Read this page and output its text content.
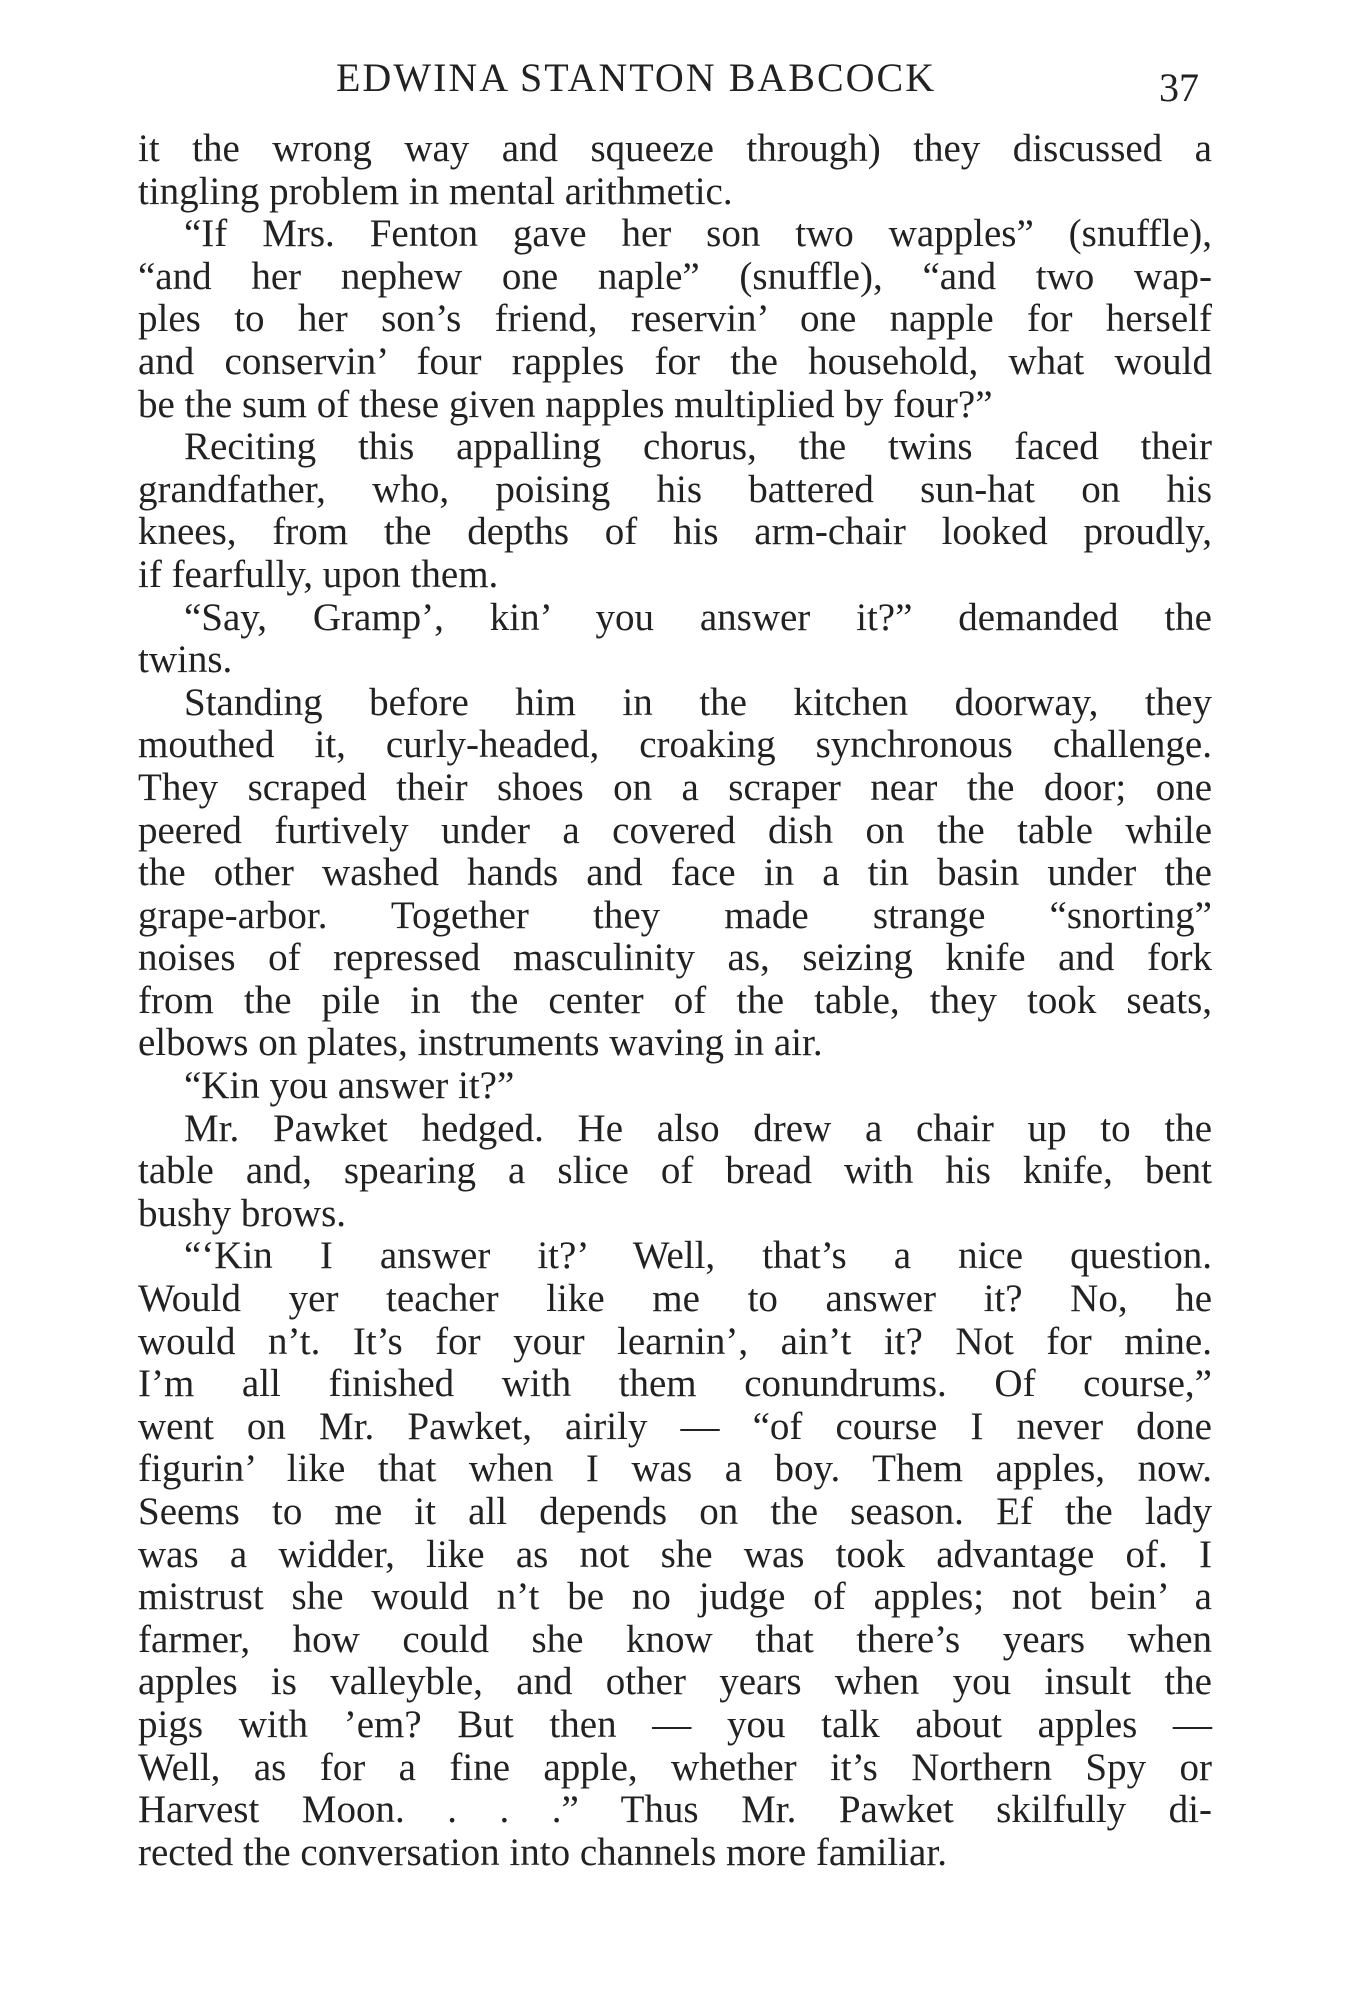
EDWINA STANTON BABCOCK	37
it the wrong way and squeeze through) they discussed a
tingling problem in mental arithmetic.
“If Mrs. Fenton gave her son two wapples” (snuffle),
“and her nephew one naple” (snuffle), “and two wap-
ples to her son’s friend, reservin’ one napple for herself
and conservin’ four rapples for the household, what would
be the sum of these given napples multiplied by four?”
Reciting this appalling chorus, the twins faced their
grandfather, who, poising his battered sun-hat on his
knees, from the depths of his arm-chair looked proudly,
if fearfully, upon them.
“Say, Gramp’, kin’ you answer it?” demanded the
twins.
Standing before him in the kitchen doorway, they
mouthed it, curly-headed, croaking synchronous challenge.
They scraped their shoes on a scraper near the door; one
peered furtively under a covered dish on the table while
the other washed hands and face in a tin basin under the
grape-arbor. Together they made strange “snorting”
noises of repressed masculinity as, seizing knife and fork
from the pile in the center of the table, they took seats,
elbows on plates, instruments waving in air.
“Kin you answer it?”
Mr. Pawket hedged. He also drew a chair up to the
table and, spearing a slice of bread with his knife, bent
bushy brows.
“‘Kin I answer it?’ Well, that’s a nice question.
Would yer teacher like me to answer it? No, he
would n’t. It’s for your learnin’, ain’t it? Not for mine.
I’m all finished with them conundrums. Of course,”
went on Mr. Pawket, airily — “of course I never done
figurin’ like that when I was a boy. Them apples, now.
Seems to me it all depends on the season. Ef the lady
was a widder, like as not she was took advantage of. I
mistrust she would n’t be no judge of apples; not bein’ a
farmer, how could she know that there’s years when
apples is valleyble, and other years when you insult the
pigs with ’em? But then — you talk about apples —
Well, as for a fine apple, whether it’s Northern Spy or
Harvest Moon. . . .” Thus Mr. Pawket skilfully di-
rected the conversation into channels more familiar.
